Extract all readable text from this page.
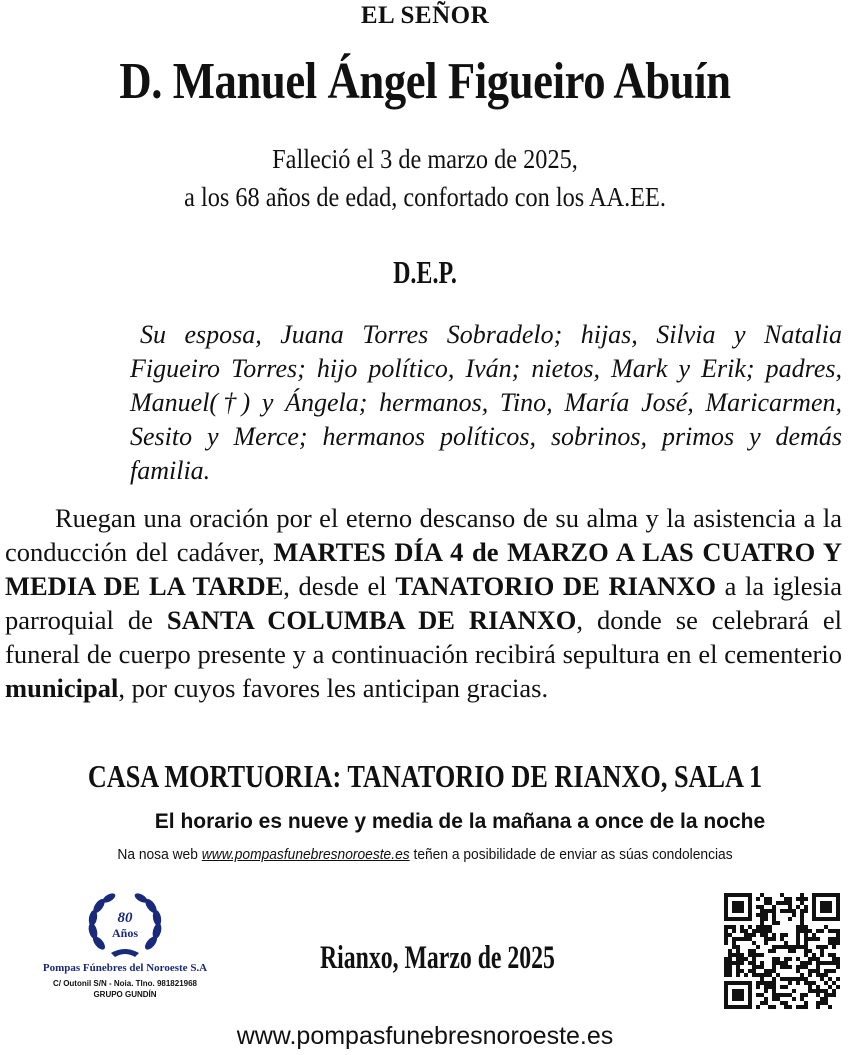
EL SEÑOR
D. Manuel Ángel Figueiro Abuín
Falleció el 3 de marzo de 2025,
a los 68 años de edad, confortado con los AA.EE.
D.E.P.
Su esposa, Juana Torres Sobradelo; hijas, Silvia y Natalia Figueiro Torres; hijo político, Iván; nietos, Mark y Erik; padres, Manuel(†) y Ángela; hermanos, Tino, María José, Maricarmen, Sesito y Merce; hermanos políticos, sobrinos, primos y demás familia.
Ruegan una oración por el eterno descanso de su alma y la asistencia a la conducción del cadáver, MARTES DÍA 4 de MARZO A LAS CUATRO Y MEDIA DE LA TARDE, desde el TANATORIO DE RIANXO a la iglesia parroquial de SANTA COLUMBA DE RIANXO, donde se celebrará el funeral de cuerpo presente y a continuación recibirá sepultura en el cementerio municipal, por cuyos favores les anticipan gracias.
CASA MORTUORIA: TANATORIO DE RIANXO, SALA 1
El horario es nueve y media de la mañana a once de la noche
Na nosa web www.pompasfunebresnoroeste.es teñen a posibilidade de enviar as súas condolencias
80
Años
Pompas Fúnebres del Noroeste S.A
C/ Outonil S/N - Noia. Tlno. 981821968
GRUPO GUNDÍN
Rianxo, Marzo de 2025
www.pompasfunebresnoroeste.es
